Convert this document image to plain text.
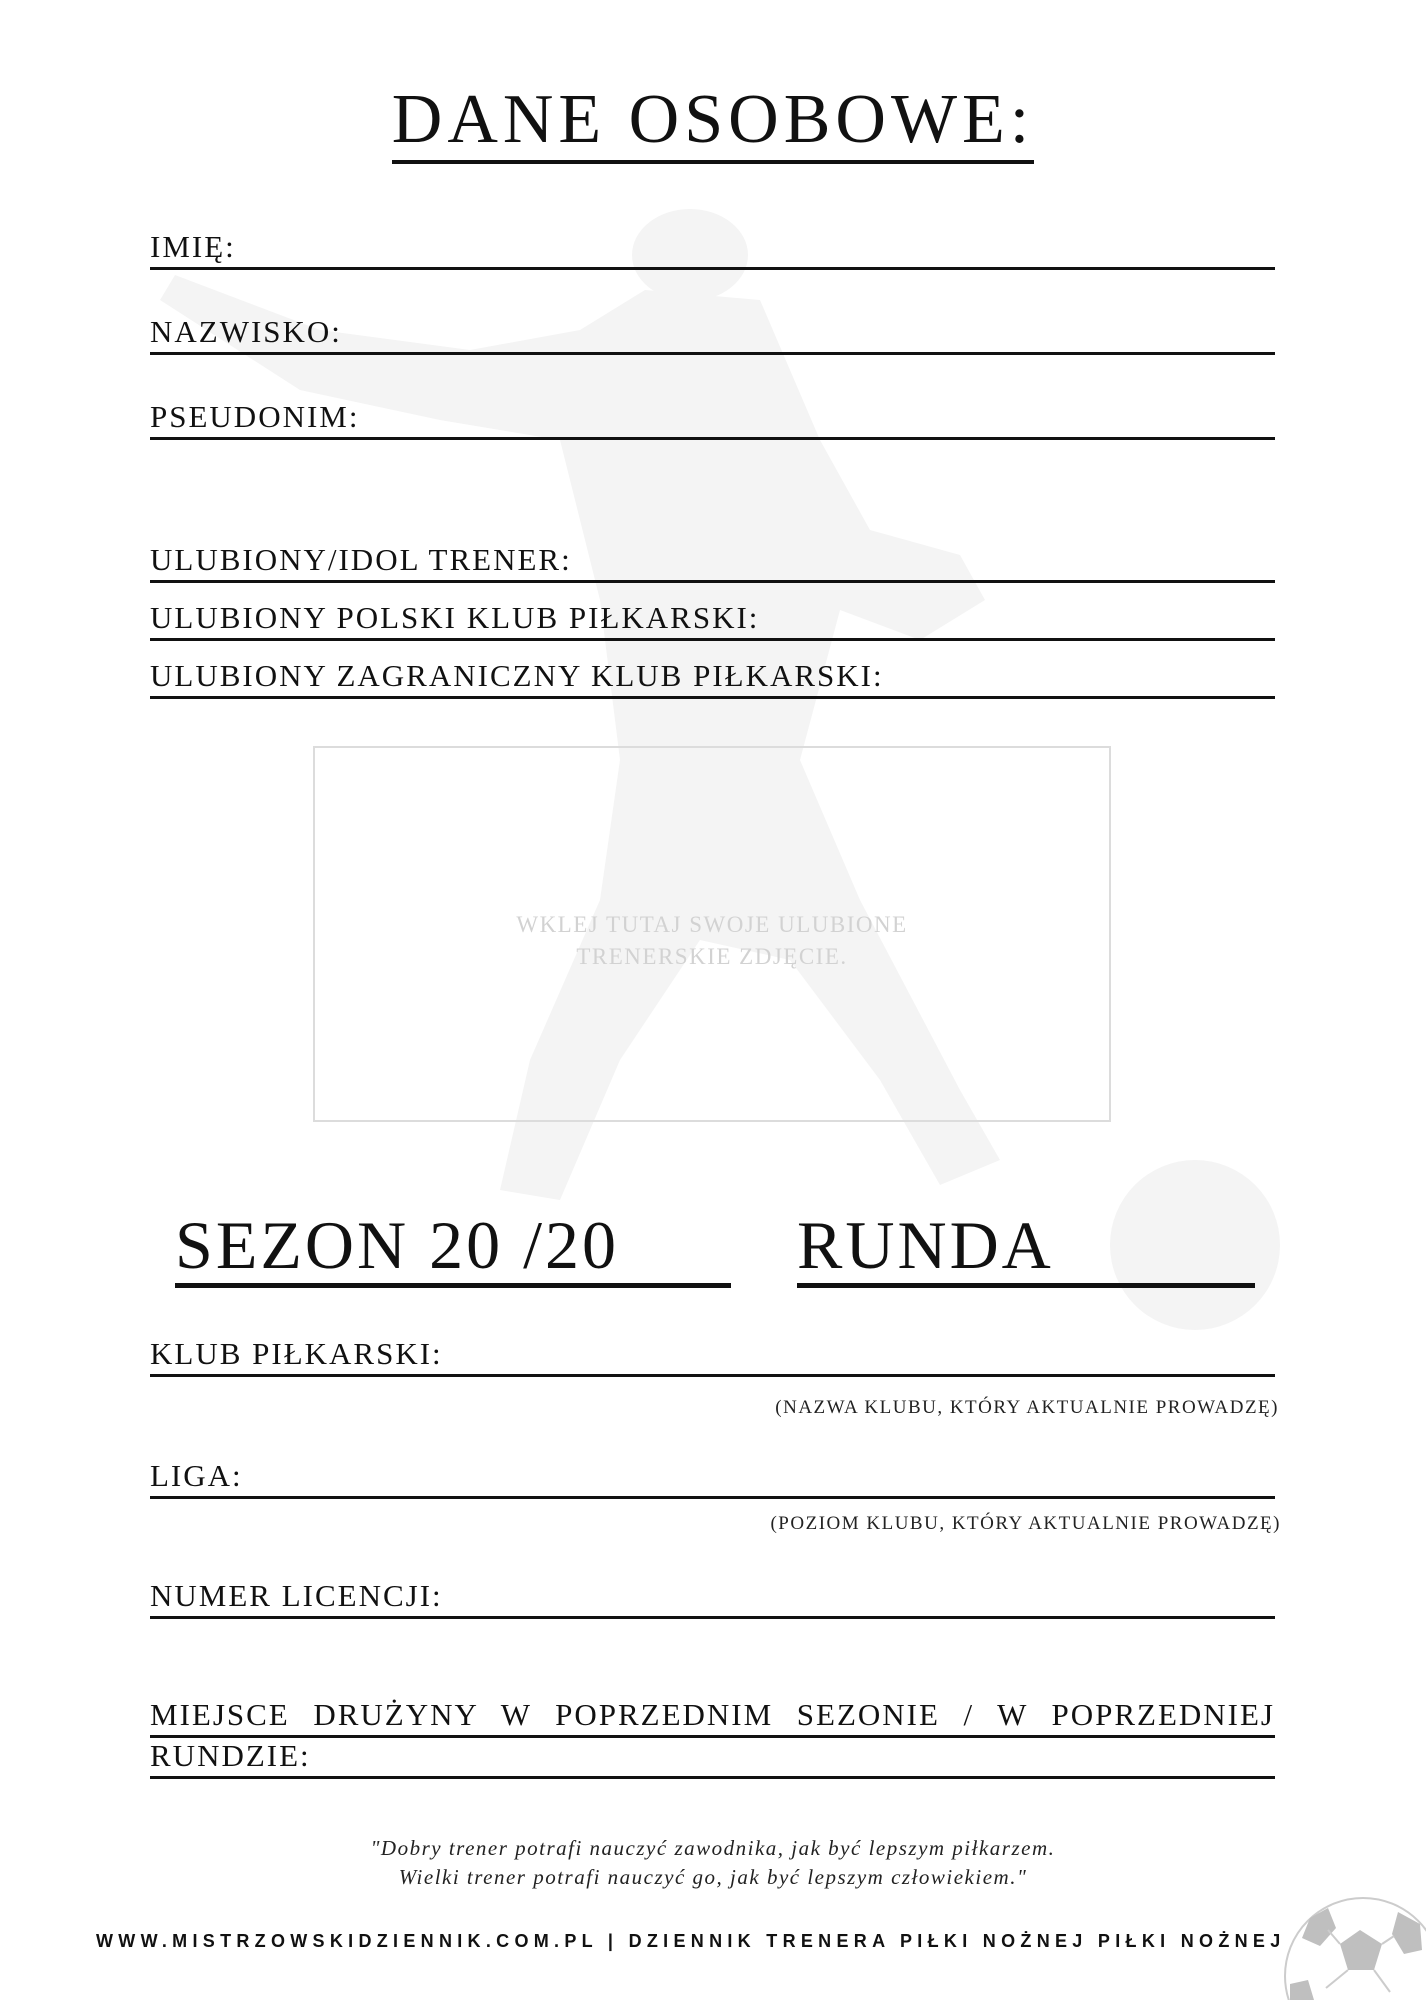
DANE OSOBOWE:
IMIĘ:
NAZWISKO:
PSEUDONIM:
ULUBIONY/IDOL TRENER:
ULUBIONY POLSKI KLUB PIŁKARSKI:
ULUBIONY ZAGRANICZNY KLUB PIŁKARSKI:
WKLEJ TUTAJ SWOJE ULUBIONE
TRENERSKIE ZDJĘCIE.
SEZON 20 /20	RUNDA
KLUB PIŁKARSKI:
(NAZWA KLUBU, KTÓRY AKTUALNIE PROWADZĘ)
LIGA:
(POZIOM KLUBU, KTÓRY AKTUALNIE PROWADZĘ)
NUMER LICENCJI:
MIEJSCE DRUŻYNY W POPRZEDNIM SEZONIE / W POPRZEDNIEJ
RUNDZIE:
"Dobry trener potrafi nauczyć zawodnika, jak być lepszym piłkarzem.
Wielki trener potrafi nauczyć go, jak być lepszym człowiekiem."
WWW.MISTRZOWSKIDZIENNIK.COM.PL | DZIENNIK TRENERA PIŁKI NOŻNEJ PIŁKI NOŻNEJ
